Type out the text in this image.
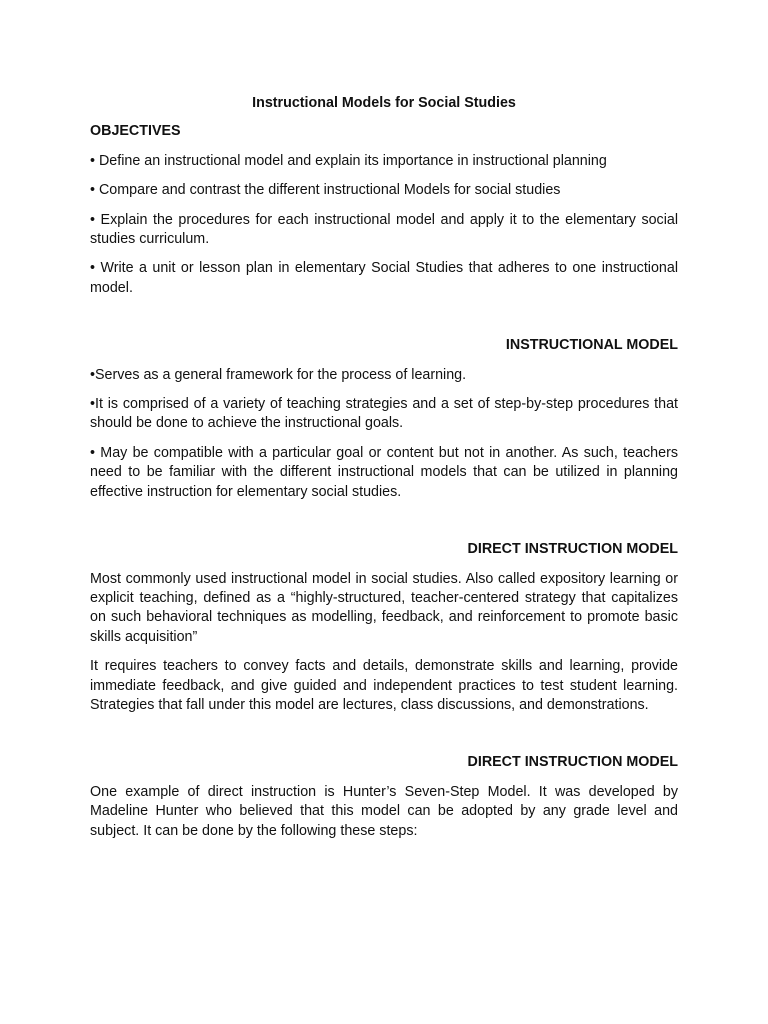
Instructional Models for Social Studies
OBJECTIVES

• Define an instructional model and explain its importance in instructional planning

• Compare and contrast the different instructional Models for social studies

• Explain the procedures for each instructional model and apply it to the elementary social studies curriculum.

• Write a unit or lesson plan in elementary Social Studies that adheres to one instructional model.

INSTRUCTIONAL MODEL

•Serves as a general framework for the process of learning.

•It is comprised of a variety of teaching strategies and a set of step-by-step procedures that should be done to achieve the instructional goals.

• May be compatible with a particular goal or content but not in another. As such, teachers need to be familiar with the different instructional models that can be utilized in planning effective instruction for elementary social studies.

DIRECT INSTRUCTION MODEL

Most commonly used instructional model in social studies. Also called expository learning or explicit teaching, defined as a “highly-structured, teacher-centered strategy that capitalizes on such behavioral techniques as modelling, feedback, and reinforcement to promote basic skills acquisition”

It requires teachers to convey facts and details, demonstrate skills and learning, provide immediate feedback, and give guided and independent practices to test student learning. Strategies that fall under this model are lectures, class discussions, and demonstrations.

DIRECT INSTRUCTION MODEL

One example of direct instruction is Hunter’s Seven-Step Model. It was developed by Madeline Hunter who believed that this model can be adopted by any grade level and subject. It can be done by the following these steps:
